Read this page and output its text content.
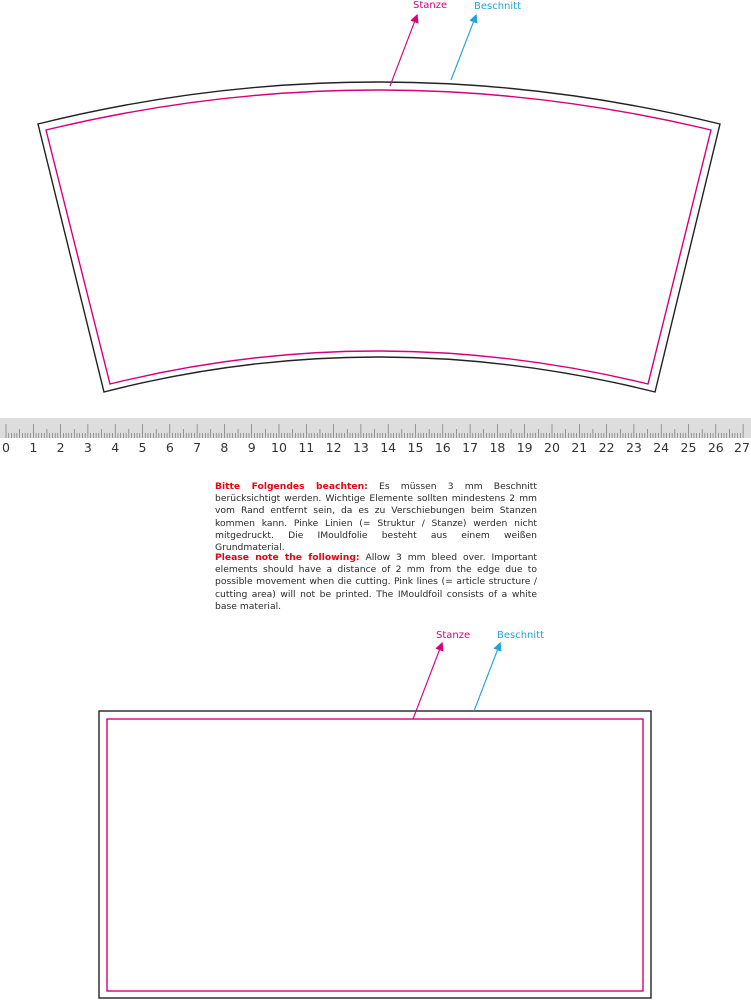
Stanze	Beschnitt
0 1 2 3 4 5 6 7 8 9 10 11 12 13 14 15 16 17 18 19 20 21 22 23 24 25 26 27
Bitte Folgendes beachten: Es müssen 3 mm Beschnitt berücksichtigt werden. Wichtige Elemente sollten mindestens 2 mm vom Rand entfernt sein, da es zu Verschiebungen beim Stanzen kommen kann. Pinke Linien (= Struktur / Stanze) werden nicht mitgedruckt. Die IMouldfolie besteht aus einem weißen Grundmaterial.
Please note the following: Allow 3 mm bleed over. Important elements should have a distance of 2 mm from the edge due to possible movement when die cutting. Pink lines (= article structure / cutting area) will not be printed. The IMouldfoil consists of a white base material.
Stanze	Beschnitt
